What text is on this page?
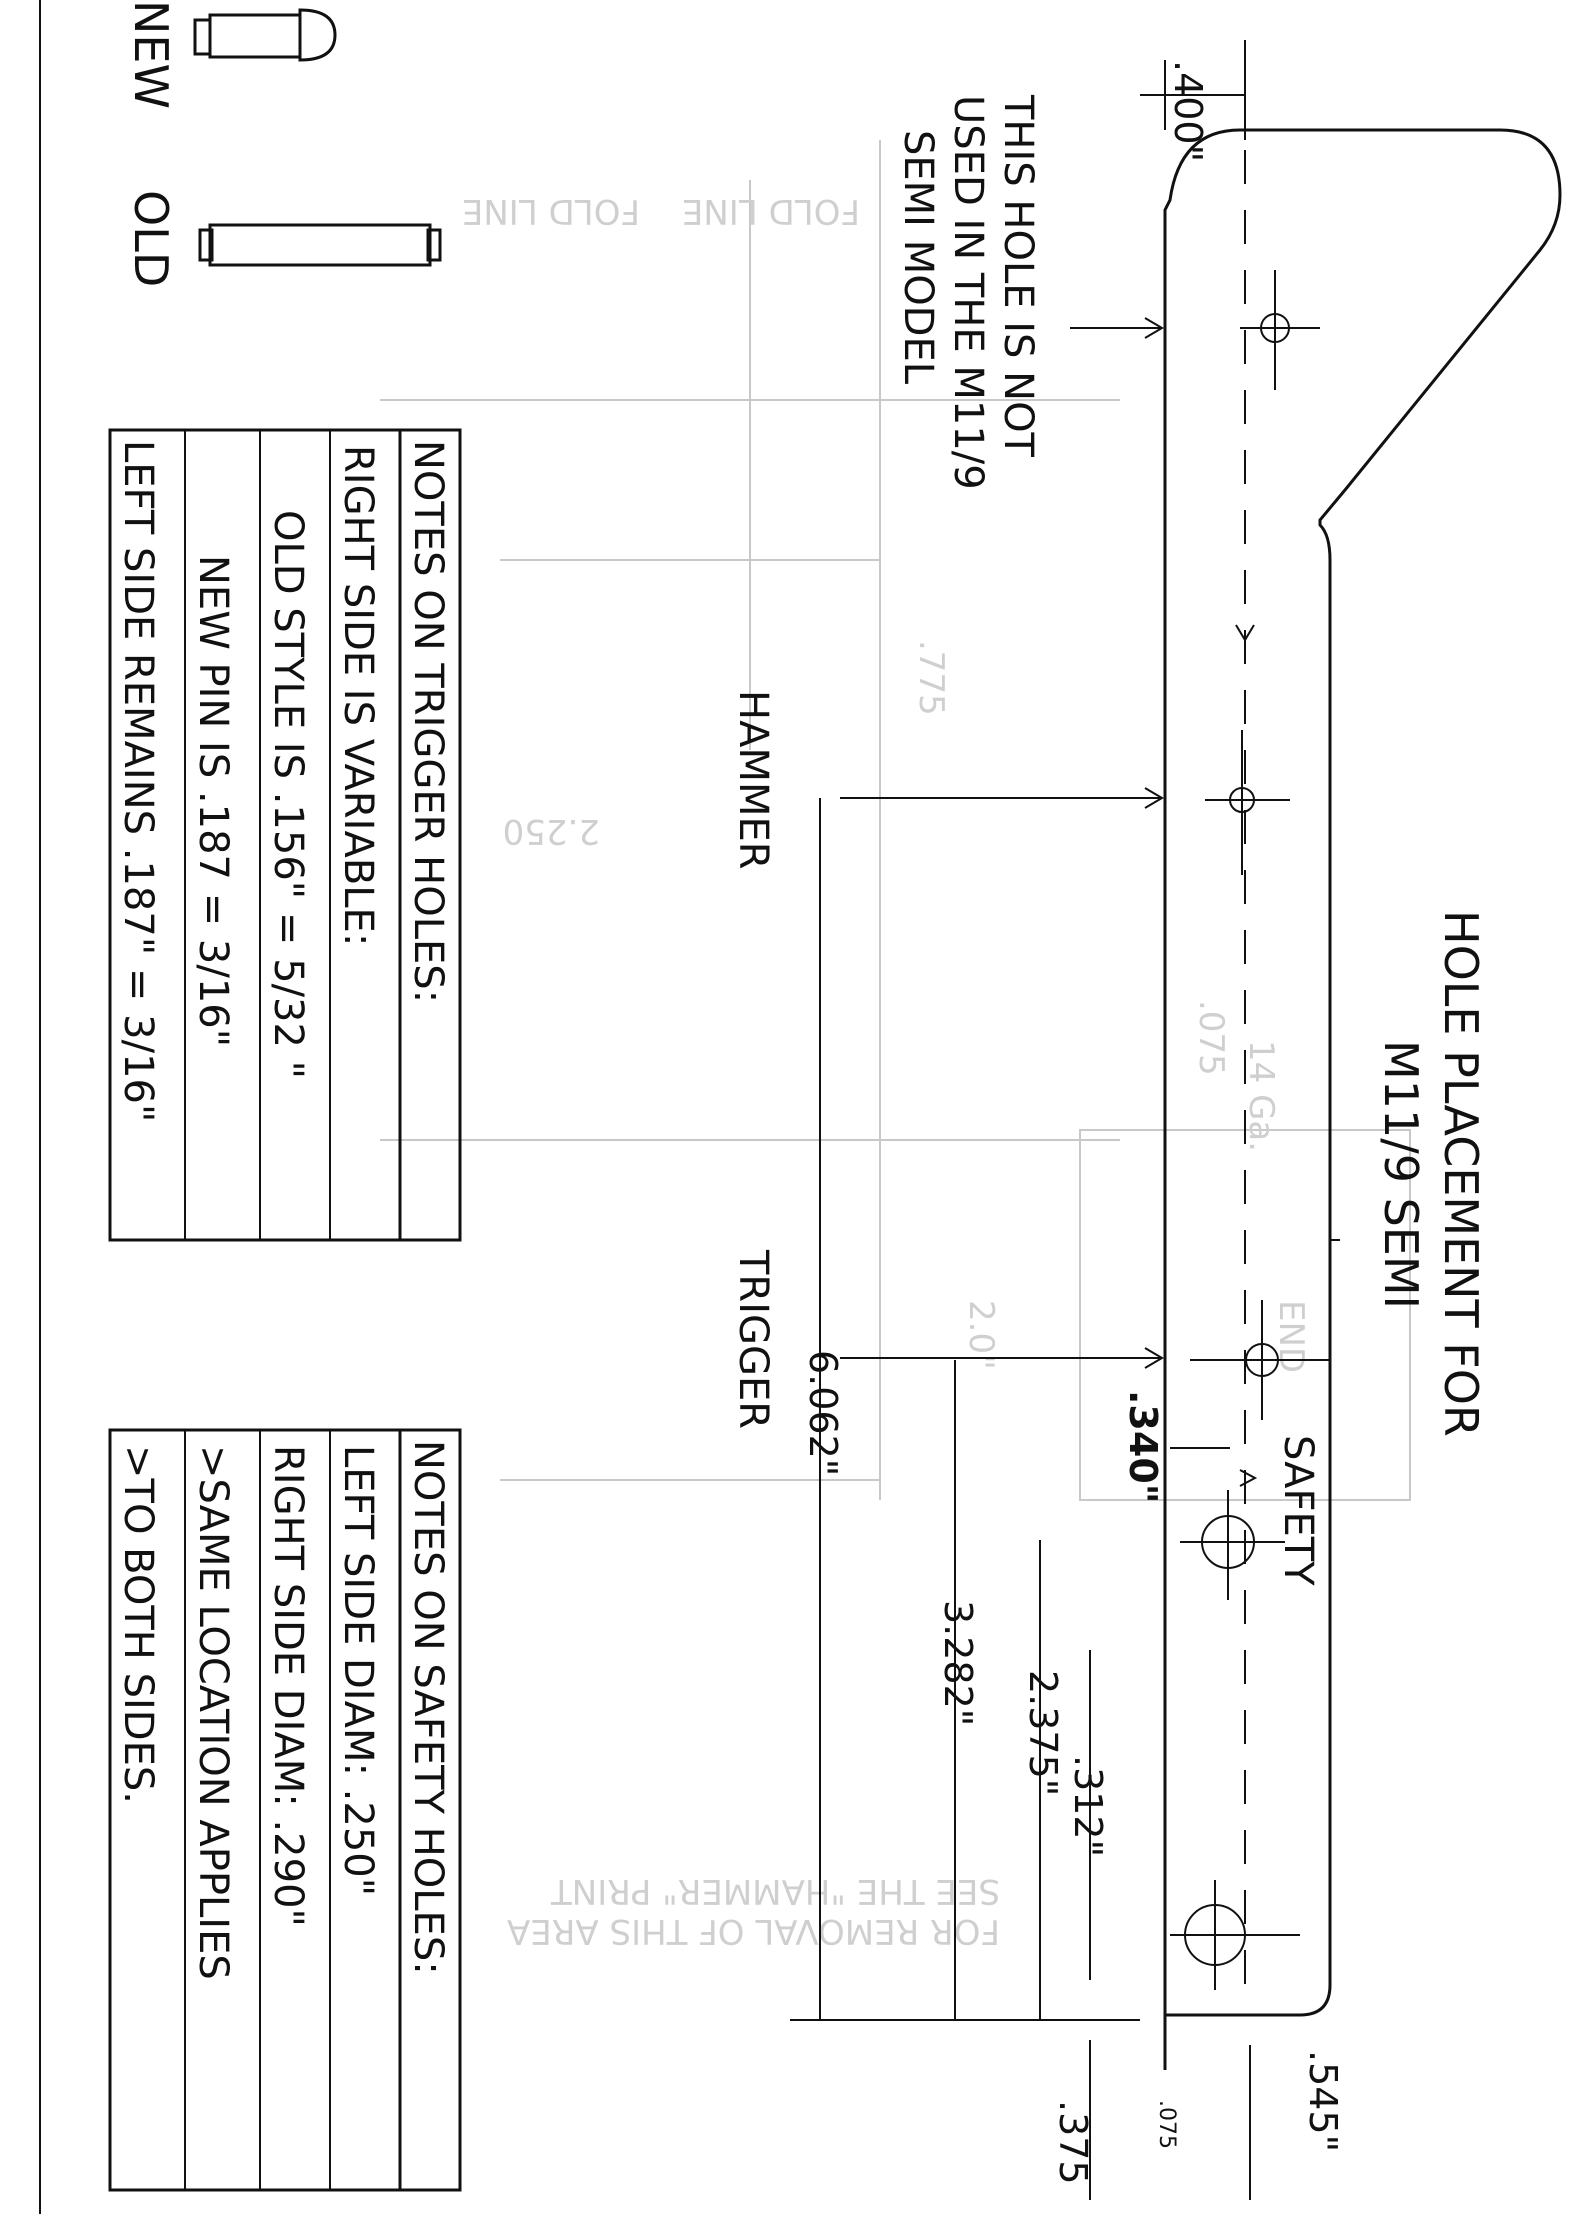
FOLD LINE FOLD LINE
.775
2.250
2.0"
.075
14 Ga.
END
SEE THE "HAMMER" PRINT
FOR REMOVAL OF THIS AREA
HOLE PLACEMENT FOR
M11/9 SEMI
THIS HOLE IS NOT
USED IN THE M11/9
SEMI MODEL
HAMMER
TRIGGER
SAFETY
.400"
.340"
.312"
2.375"
3.282"
6.062"
.375	.075	.545"
NEW
OLD
NOTES ON TRIGGER HOLES:
RIGHT SIDE IS VARIABLE:
OLD STYLE IS .156" = 5/32 "
NEW PIN IS .187 = 3/16"
LEFT SIDE REMAINS .187" = 3/16"
NOTES ON SAFETY HOLES:
LEFT SIDE DIAM: .250"
RIGHT SIDE DIAM: .290"
>SAME LOCATION APPLIES
>TO BOTH SIDES.
